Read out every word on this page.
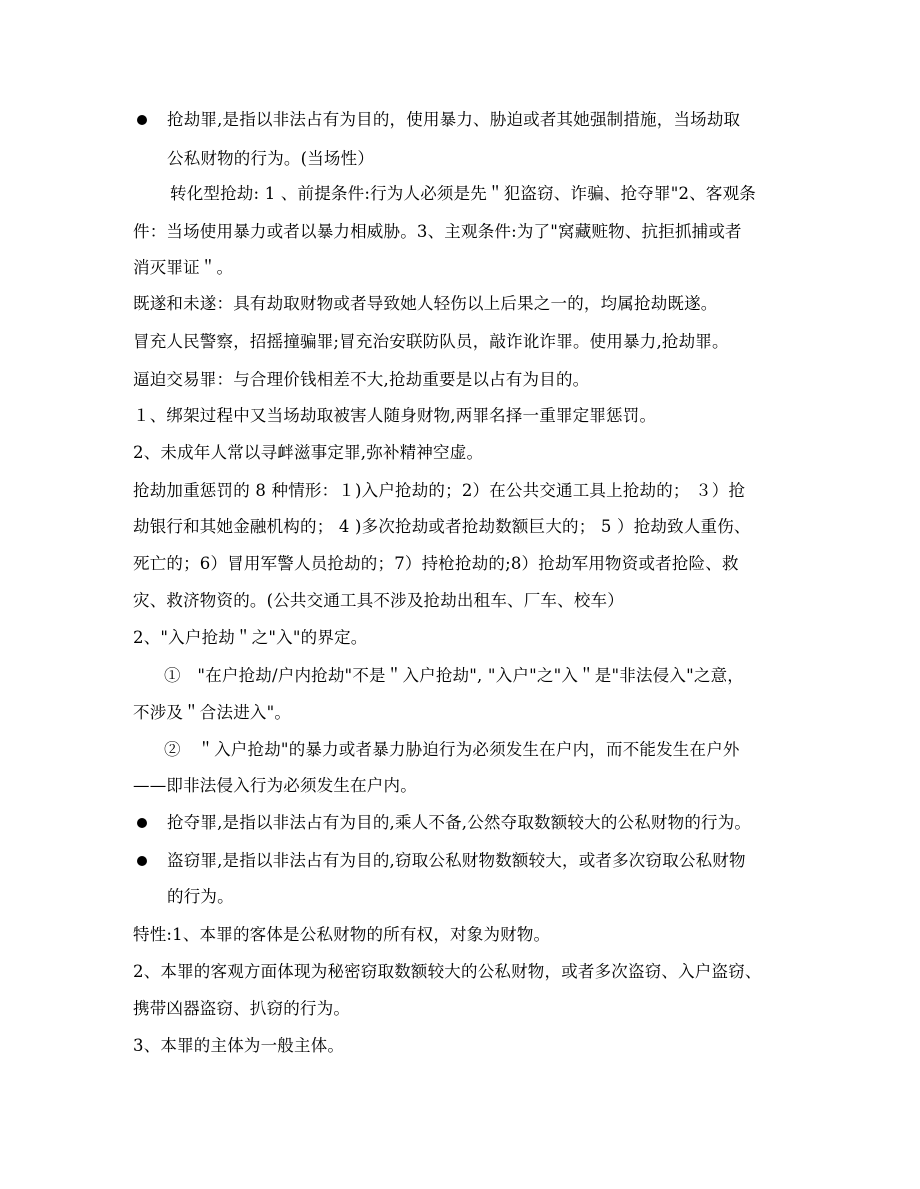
抢劫罪,是指以非法占有为目的，使用暴力、胁迫或者其她强制措施，当场劫取
公私财物的行为。(当场性）
转化型抢劫: 1 、前提条件:行为人必须是先＂犯盗窃、诈骗、抢夺罪"2、客观条
件：当场使用暴力或者以暴力相威胁。3、主观条件:为了"窝藏赃物、抗拒抓捕或者
消灭罪证＂。
既遂和未遂：具有劫取财物或者导致她人轻伤以上后果之一的，均属抢劫既遂。
冒充人民警察，招摇撞骗罪;冒充治安联防队员，敲诈讹诈罪。使用暴力,抢劫罪。
逼迫交易罪：与合理价钱相差不大,抢劫重要是以占有为目的。
１、绑架过程中又当场劫取被害人随身财物,两罪名择一重罪定罪惩罚。
2、未成年人常以寻衅滋事定罪,弥补精神空虚。
抢劫加重惩罚的 8 种情形：１)入户抢劫的；2）在公共交通工具上抢劫的； ３）抢
劫银行和其她金融机构的； 4 )多次抢劫或者抢劫数额巨大的； 5 ）抢劫致人重伤、
死亡的；6）冒用军警人员抢劫的；7）持枪抢劫的;8）抢劫军用物资或者抢险、救
灾、救济物资的。(公共交通工具不涉及抢劫出租车、厂车、校车）
2、"入户抢劫＂之"入"的界定。
①　"在户抢劫/户内抢劫"不是＂入户抢劫", "入户"之"入＂是"非法侵入"之意，
不涉及＂合法进入"。
②　＂入户抢劫"的暴力或者暴力胁迫行为必须发生在户内，而不能发生在户外
——即非法侵入行为必须发生在户内。
抢夺罪,是指以非法占有为目的,乘人不备,公然夺取数额较大的公私财物的行为。
盗窃罪,是指以非法占有为目的,窃取公私财物数额较大，或者多次窃取公私财物
的行为。
特性:1、本罪的客体是公私财物的所有权，对象为财物。
2、本罪的客观方面体现为秘密窃取数额较大的公私财物，或者多次盗窃、入户盗窃、
携带凶器盗窃、扒窃的行为。
3、本罪的主体为一般主体。
